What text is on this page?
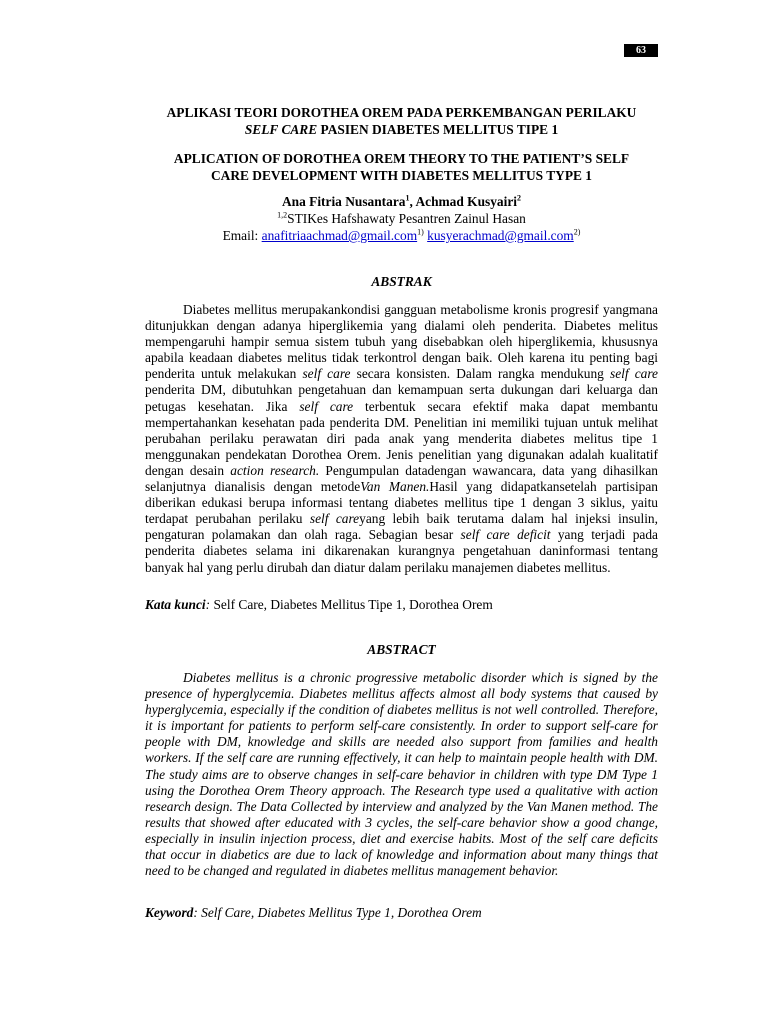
63

APLIKASI TEORI DOROTHEA OREM PADA PERKEMBANGAN PERILAKU

SELF CARE PASIEN DIABETES MELLITUS TIPE 1

APLICATION OF DOROTHEA OREM THEORY TO THE PATIENT’S SELF

CARE DEVELOPMENT WITH DIABETES MELLITUS TYPE 1

Ana Fitria Nusantara$^1$, Achmad Kusyairi$^2$

$^{1,2}$STIKes Hafshawaty Pesantren Zainul Hasan

Email: anafitriaachmad@gmail.com$^{1)}$ kusyerachmad@gmail.com$^{2)}$

ABSTRAK

Diabetes mellitus merupakankondisi gangguan metabolisme kronis progresif yangmana ditunjukkan dengan adanya hiperglikemia yang dialami oleh penderita. Diabetes melitus mempengaruhi hampir semua sistem tubuh yang disebabkan oleh hiperglikemia, khususnya apabila keadaan diabetes melitus tidak terkontrol dengan baik. Oleh karena itu penting bagi penderita untuk melakukan self care secara konsisten. Dalam rangka mendukung self care penderita DM, dibutuhkan pengetahuan dan kemampuan serta dukungan dari keluarga dan petugas kesehatan. Jika self care terbentuk secara efektif maka dapat membantu mempertahankan kesehatan pada penderita DM. Penelitian ini memiliki tujuan untuk melihat perubahan perilaku perawatan diri pada anak yang menderita diabetes melitus tipe 1 menggunakan pendekatan Dorothea Orem. Jenis penelitian yang digunakan adalah kualitatif dengan desain action research. Pengumpulan datadengan wawancara, data yang dihasilkan selanjutnya dianalisis dengan metodeVan Manen.Hasil yang didapatkansetelah partisipan diberikan edukasi berupa informasi tentang diabetes mellitus tipe 1 dengan 3 siklus, yaitu terdapat perubahan perilaku self careyang lebih baik terutama dalam hal injeksi insulin, pengaturan polamakan dan olah raga. Sebagian besar self care deficit yang terjadi pada penderita diabetes selama ini dikarenakan kurangnya pengetahuan daninformasi tentang banyak hal yang perlu dirubah dan diatur dalam perilaku manajemen diabetes mellitus.

Kata kunci: Self Care, Diabetes Mellitus Tipe 1, Dorothea Orem

ABSTRACT

Diabetes mellitus is a chronic progressive metabolic disorder which is signed by the presence of hyperglycemia. Diabetes mellitus affects almost all body systems that caused by hyperglycemia, especially if the condition of diabetes mellitus is not well controlled. Therefore, it is important for patients to perform self-care consistently. In order to support self-care for people with DM, knowledge and skills are needed also support from families and health workers. If the self care are running effectively, it can help to maintain people health with DM. The study aims are to observe changes in self-care behavior in children with type DM Type 1 using the Dorothea Orem Theory approach. The Research type used a qualitative with action research design. The Data Collected by interview and analyzed by the Van Manen method. The results that showed after educated with 3 cycles, the self-care behavior show a good change, especially in insulin injection process, diet and exercise habits. Most of the self care deficits that occur in diabetics are due to lack of knowledge and information about many things that need to be changed and regulated in diabetes mellitus management behavior.

Keyword: Self Care, Diabetes Mellitus Type 1, Dorothea Orem
